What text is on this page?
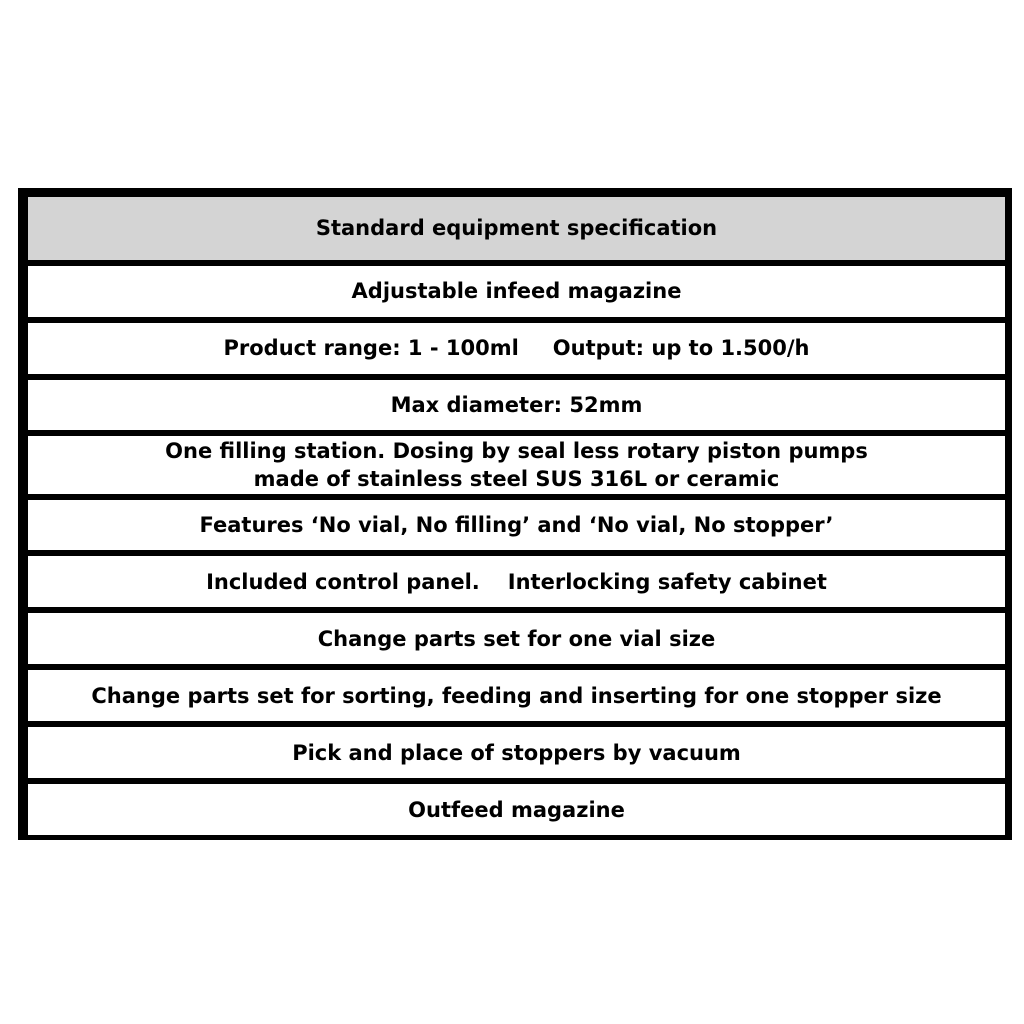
Standard equipment specification
Adjustable infeed magazine
Product range: 1 - 100ml Output: up to 1.500/h
Max diameter: 52mm
One filling station. Dosing by seal less rotary piston pumps
made of stainless steel SUS 316L or ceramic
Features ‘No vial, No filling’ and ‘No vial, No stopper’
Included control panel. Interlocking safety cabinet
Change parts set for one vial size
Change parts set for sorting, feeding and inserting for one stopper size
Pick and place of stoppers by vacuum
Outfeed magazine
